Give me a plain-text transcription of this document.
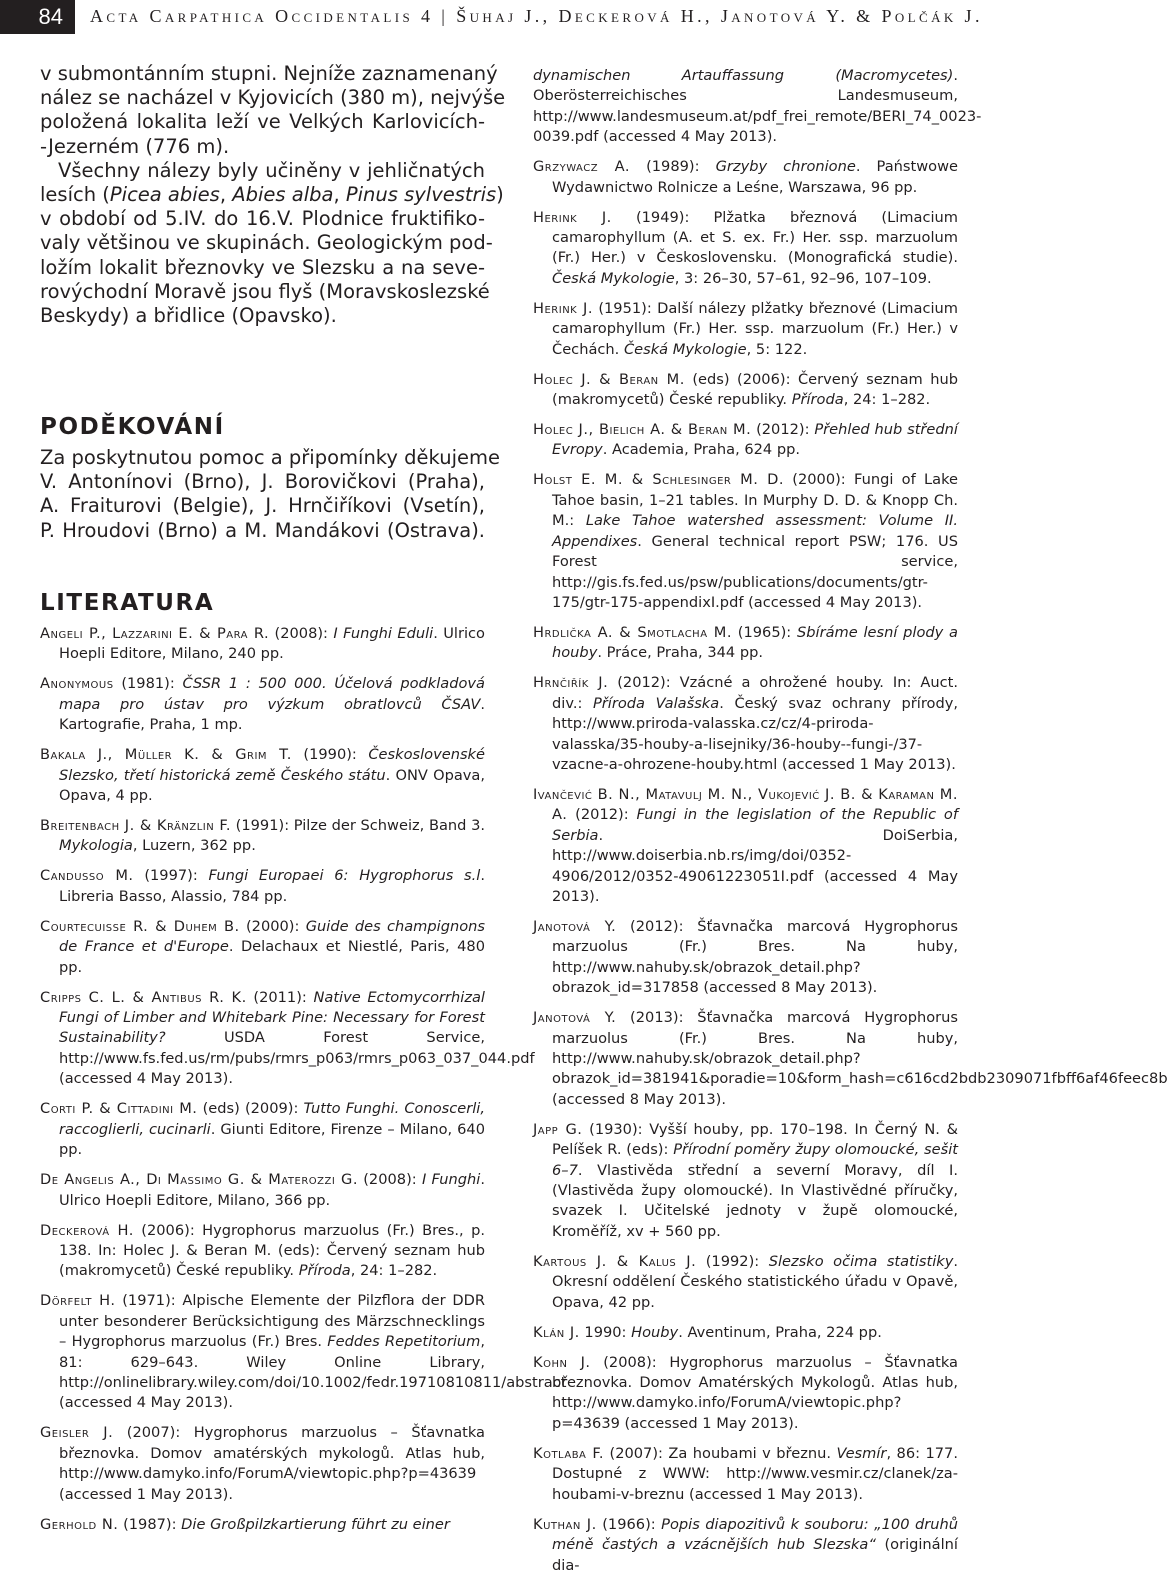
84	Acta Carpathica Occidentalis 4 | Šuhaj J., Deckerová H., Janotová Y. & Polčák J.
v submontánním stupni. Nejníže zaznamenaný
nález se nacházel v Kyjovicích (380 m), nejvýše
položená lokalita leží ve Velkých Karlovicích-
-Jezerném (776 m).
Všechny nálezy byly učiněny v jehličnatých
lesích (Picea abies, Abies alba, Pinus sylvestris)
v období od 5.IV. do 16.V. Plodnice fruktifiko-
valy většinou ve skupinách. Geologickým pod-
ložím lokalit březnovky ve Slezsku a na seve-
rovýchodní Moravě jsou flyš (Moravskoslezské
Beskydy) a břidlice (Opavsko).
PODĚKOVÁNÍ
Za poskytnutou pomoc a připomínky děkujeme
V. Antonínovi (Brno), J. Borovičkovi (Praha),
A. Fraiturovi (Belgie), J. Hrnčiříkovi (Vsetín),
P. Hroudovi (Brno) a M. Mandákovi (Ostrava).
LITERATURA
Angeli P., Lazzarini E. & Para R. (2008): I Funghi Eduli. Ulrico Hoepli Editore, Milano, 240 pp.
Anonymous (1981): ČSSR 1 : 500 000. Účelová podkladová mapa pro ústav pro výzkum obratlovců ČSAV. Kartografie, Praha, 1 mp.
Bakala J., Müller K. & Grim T. (1990): Československé Slezsko, třetí historická země Českého státu. ONV Opava, Opava, 4 pp.
Breitenbach J. & Kränzlin F. (1991): Pilze der Schweiz, Band 3. Mykologia, Luzern, 362 pp.
Candusso M. (1997): Fungi Europaei 6: Hygrophorus s.l. Libreria Basso, Alassio, 784 pp.
Courtecuisse R. & Duhem B. (2000): Guide des champignons de France et d'Europe. Delachaux et Niestlé, Paris, 480 pp.
Cripps C. L. & Antibus R. K. (2011): Native Ectomycorrhizal Fungi of Limber and Whitebark Pine: Necessary for Forest Sustainability? USDA Forest Service, http://www.fs.fed.us/rm/pubs/rmrs_p063/rmrs_p063_037_044.pdf (accessed 4 May 2013).
Corti P. & Cittadini M. (eds) (2009): Tutto Funghi. Conoscerli, raccoglierli, cucinarli. Giunti Editore, Firenze – Milano, 640 pp.
De Angelis A., Di Massimo G. & Materozzi G. (2008): I Funghi. Ulrico Hoepli Editore, Milano, 366 pp.
Deckerová H. (2006): Hygrophorus marzuolus (Fr.) Bres., p. 138. In: Holec J. & Beran M. (eds): Červený seznam hub (makromycetů) České republiky. Příroda, 24: 1–282.
Dörfelt H. (1971): Alpische Elemente der Pilzflora der DDR unter besonderer Berücksichtigung des Märzschnecklings – Hygrophorus marzuolus (Fr.) Bres. Feddes Repetitorium, 81: 629–643. Wiley Online Library, http://onlinelibrary.wiley.com/doi/10.1002/fedr.19710810811/abstract (accessed 4 May 2013).
Geisler J. (2007): Hygrophorus marzuolus – Šťavnatka březnovka. Domov amatérských mykologů. Atlas hub, http://www.damyko.info/ForumA/viewtopic.php?p=43639 (accessed 1 May 2013).
Gerhold N. (1987): Die Großpilzkartierung führt zu einer
dynamischen Artauffassung (Macromycetes). Oberösterreichisches Landesmuseum, http://www.landesmuseum.at/pdf_frei_remote/BERI_74_0023-0039.pdf (accessed 4 May 2013).
Grzywacz A. (1989): Grzyby chronione. Państwowe Wydawnictwo Rolnicze a Leśne, Warszawa, 96 pp.
Herink J. (1949): Plžatka březnová (Limacium camarophyllum (A. et S. ex. Fr.) Her. ssp. marzuolum (Fr.) Her.) v Československu. (Monografická studie). Česká Mykologie, 3: 26–30, 57–61, 92–96, 107–109.
Herink J. (1951): Další nálezy plžatky březnové (Limacium camarophyllum (Fr.) Her. ssp. marzuolum (Fr.) Her.) v Čechách. Česká Mykologie, 5: 122.
Holec J. & Beran M. (eds) (2006): Červený seznam hub (makromycetů) České republiky. Příroda, 24: 1–282.
Holec J., Bielich A. & Beran M. (2012): Přehled hub střední Evropy. Academia, Praha, 624 pp.
Holst E. M. & Schlesinger M. D. (2000): Fungi of Lake Tahoe basin, 1–21 tables. In Murphy D. D. & Knopp Ch. M.: Lake Tahoe watershed assessment: Volume II. Appendixes. General technical report PSW; 176. US Forest service, http://gis.fs.fed.us/psw/publications/documents/gtr-175/gtr-175-appendixI.pdf (accessed 4 May 2013).
Hrdlička A. & Smotlacha M. (1965): Sbíráme lesní plody a houby. Práce, Praha, 344 pp.
Hrnčiřík J. (2012): Vzácné a ohrožené houby. In: Auct. div.: Příroda Valašska. Český svaz ochrany přírody, http://www.priroda-valasska.cz/cz/4-priroda-valasska/35-houby-a-lisejniky/36-houby--fungi-/37-vzacne-a-ohrozene-houby.html (accessed 1 May 2013).
Ivančević B. N., Matavulj M. N., Vukojević J. B. & Karaman M. A. (2012): Fungi in the legislation of the Republic of Serbia. DoiSerbia, http://www.doiserbia.nb.rs/img/doi/0352-4906/2012/0352-49061223051I.pdf (accessed 4 May 2013).
Janotová Y. (2012): Šťavnačka marcová Hygrophorus marzuolus (Fr.) Bres. Na huby, http://www.nahuby.sk/obrazok_detail.php?obrazok_id=317858 (accessed 8 May 2013).
Janotová Y. (2013): Šťavnačka marcová Hygrophorus marzuolus (Fr.) Bres. Na huby, http://www.nahuby.sk/obrazok_detail.php?obrazok_id=381941&poradie=10&form_hash=c616cd2bdb2309071fbff6af46feec8b (accessed 8 May 2013).
Japp G. (1930): Vyšší houby, pp. 170–198. In Černý N. & Pelíšek R. (eds): Přírodní poměry župy olomoucké, sešit 6–7. Vlastivěda střední a severní Moravy, díl I. (Vlastivěda župy olomoucké). In Vlastivědné příručky, svazek I. Učitelské jednoty v župě olomoucké, Kroměříž, xv + 560 pp.
Kartous J. & Kalus J. (1992): Slezsko očima statistiky. Okresní oddělení Českého statistického úřadu v Opavě, Opava, 42 pp.
Klán J. 1990: Houby. Aventinum, Praha, 224 pp.
Kohn J. (2008): Hygrophorus marzuolus – Šťavnatka březnovka. Domov Amatérských Mykologů. Atlas hub, http://www.damyko.info/ForumA/viewtopic.php?p=43639 (accessed 1 May 2013).
Kotlaba F. (2007): Za houbami v březnu. Vesmír, 86: 177. Dostupné z WWW: http://www.vesmir.cz/clanek/za-houbami-v-breznu (accessed 1 May 2013).
Kuthan J. (1966): Popis diapozitivů k souboru: „100 druhů méně častých a vzácnějších hub Slezska“ (originální dia-
